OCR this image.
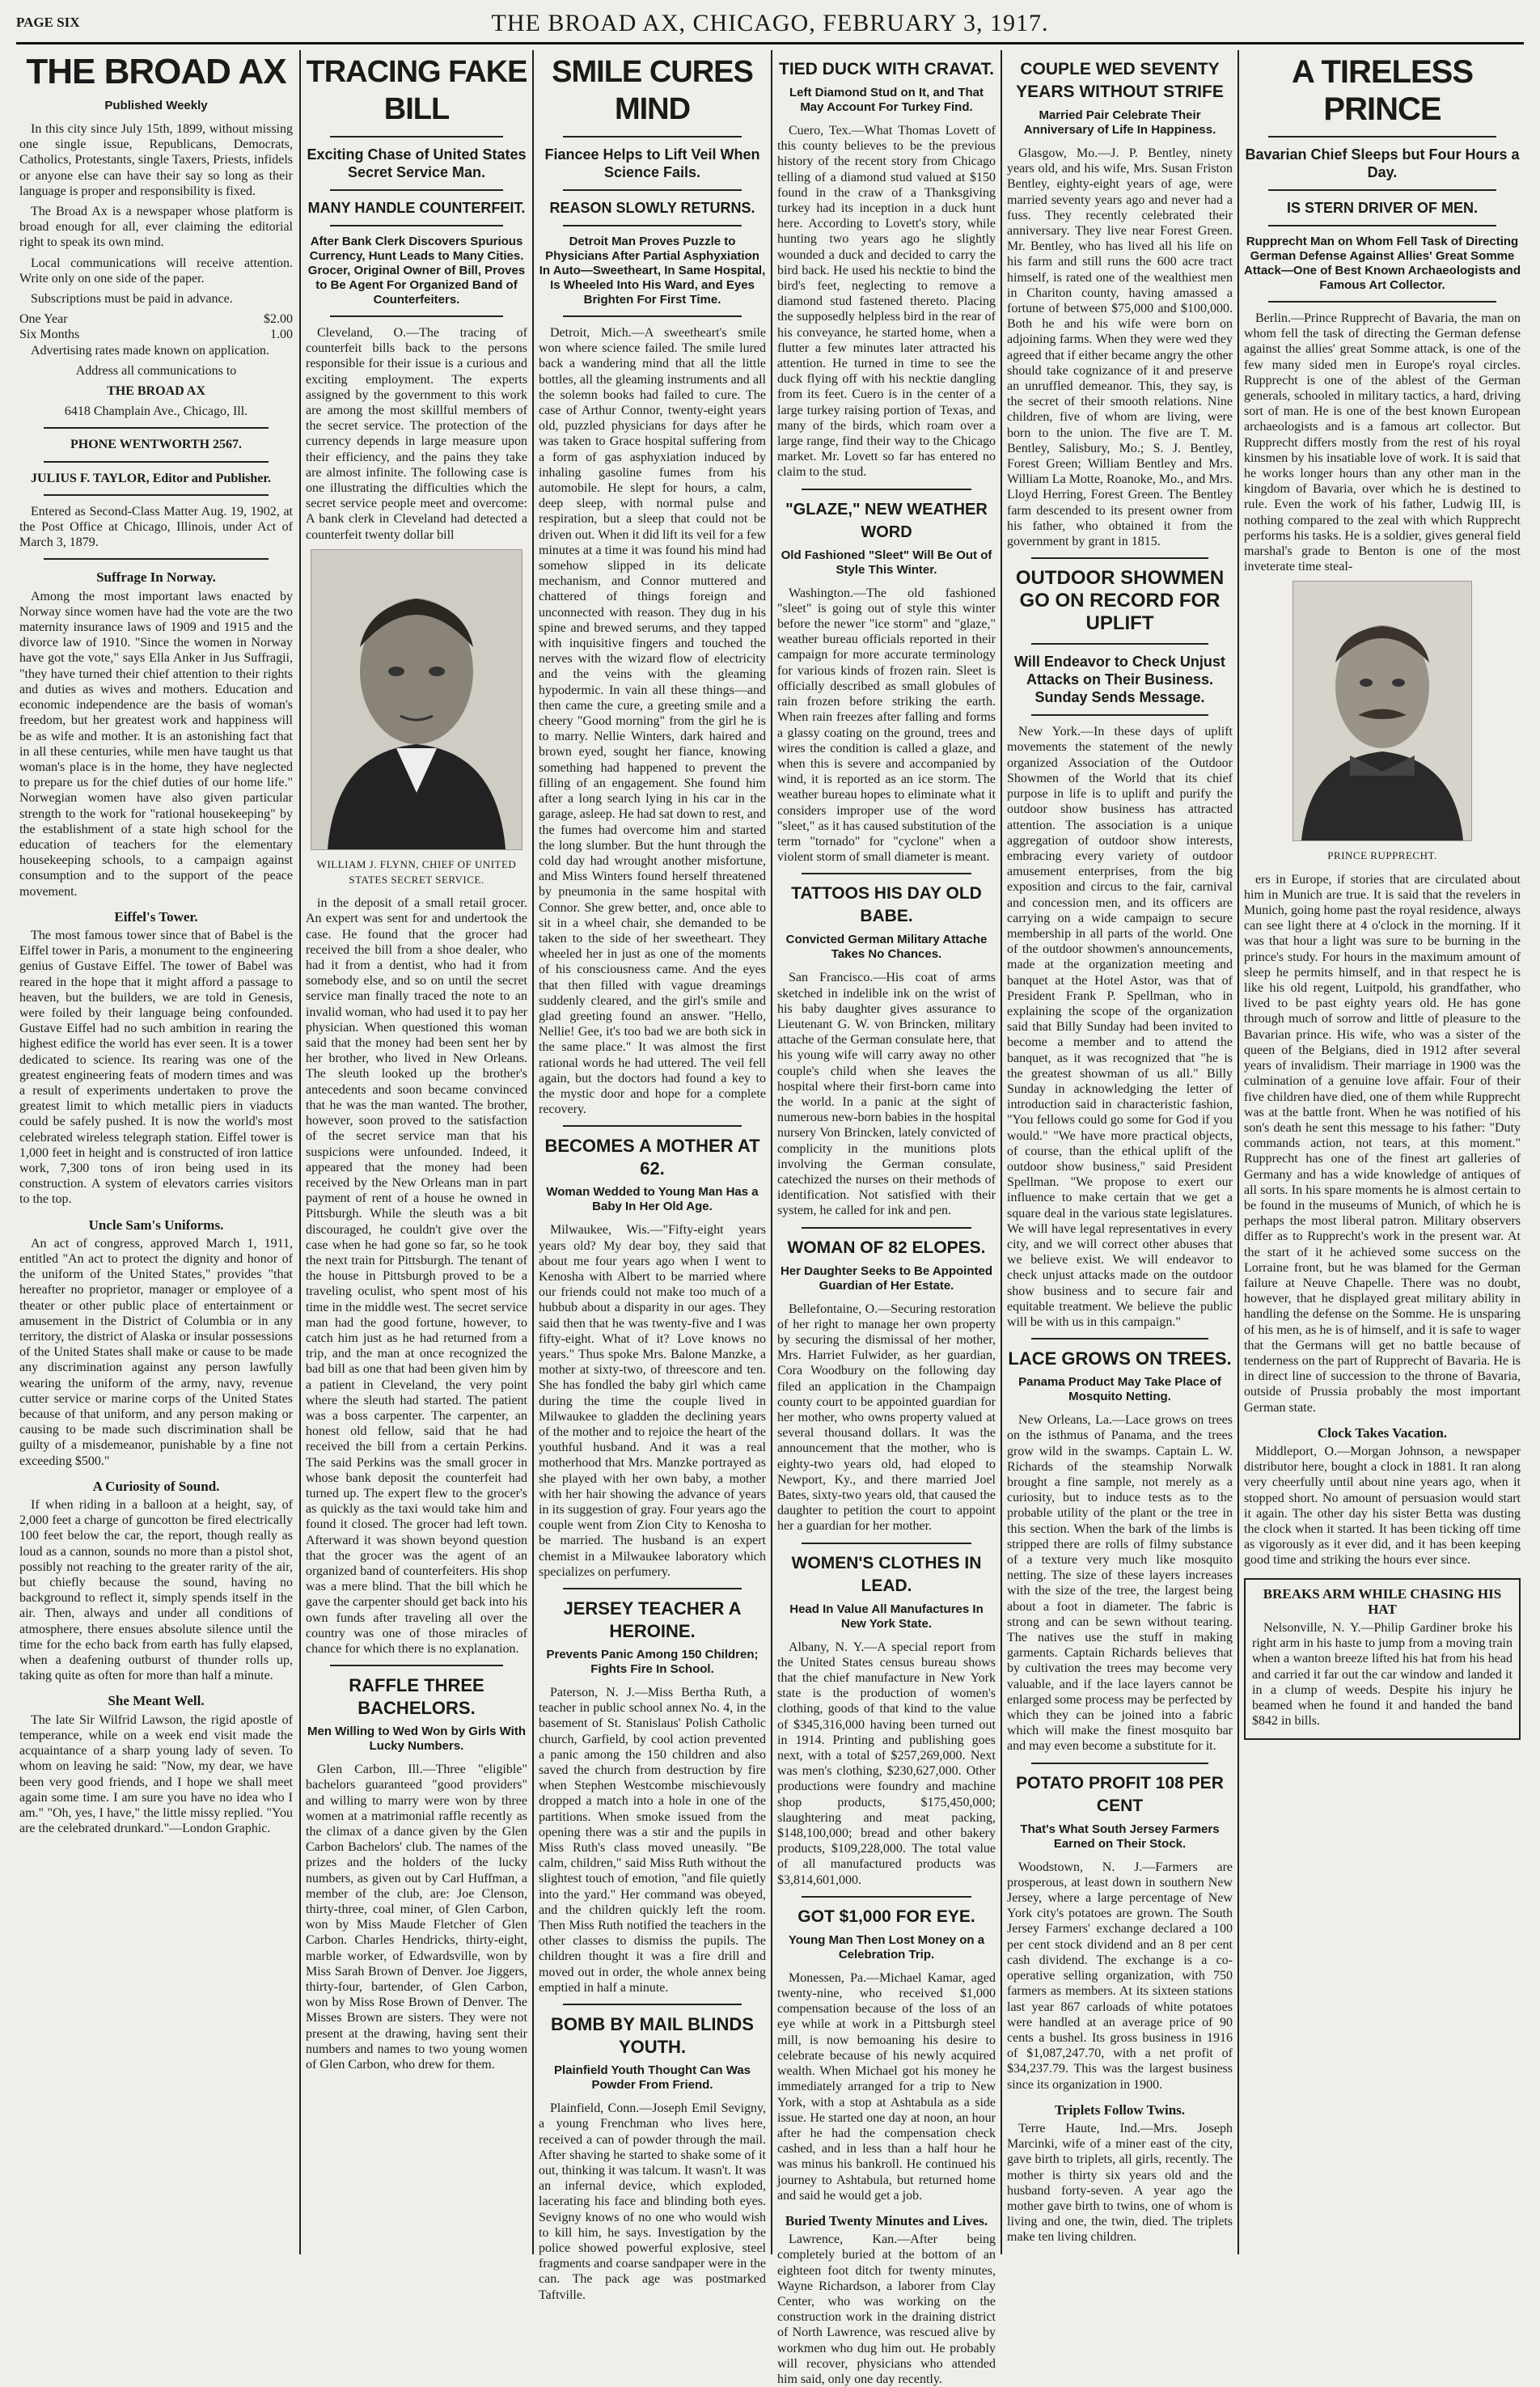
PAGE SIX	THE BROAD AX, CHICAGO, FEBRUARY 3, 1917.
THE BROAD AX
Published Weekly

In this city since July 15th, 1899, without missing one single issue, Republicans, Democrats, Catholics, Protestants, single Taxers, Priests, infidels or anyone else can have their say so long as their language is proper and responsibility is fixed.

The Broad Ax is a newspaper whose platform is broad enough for all, ever claiming the editorial right to speak its own mind.

Local communications will receive attention. Write only on one side of the paper.

Subscriptions must be paid in advance.

One Year	$2.00
Six Months	1.00

Advertising rates made known on application.

Address all communications to

THE BROAD AX

6418 Champlain Ave., Chicago, Ill.

PHONE WENTWORTH 2567.

JULIUS F. TAYLOR, Editor and Publisher.

Entered as Second-Class Matter Aug. 19, 1902, at the Post Office at Chicago, Illinois, under Act of March 3, 1879.

Suffrage In Norway.

Among the most important laws enacted by Norway since women have had the vote are the two maternity insurance laws of 1909 and 1915 and the divorce law of 1910. "Since the women in Norway have got the vote," says Ella Anker in Jus Suffragii, "they have turned their chief attention to their rights and duties as wives and mothers. Education and economic independence are the basis of woman's freedom, but her greatest work and happiness will be as wife and mother. It is an astonishing fact that in all these centuries, while men have taught us that woman's place is in the home, they have neglected to prepare us for the chief duties of our home life." Norwegian women have also given particular strength to the work for "rational housekeeping" by the establishment of a state high school for the education of teachers for the elementary housekeeping schools, to a campaign against consumption and to the support of the peace movement.

Eiffel's Tower.

The most famous tower since that of Babel is the Eiffel tower in Paris, a monument to the engineering genius of Gustave Eiffel. The tower of Babel was reared in the hope that it might afford a passage to heaven, but the builders, we are told in Genesis, were foiled by their language being confounded. Gustave Eiffel had no such ambition in rearing the highest edifice the world has ever seen. It is a tower dedicated to science. Its rearing was one of the greatest engineering feats of modern times and was a result of experiments undertaken to prove the greatest limit to which metallic piers in viaducts could be safely pushed. It is now the world's most celebrated wireless telegraph station. Eiffel tower is 1,000 feet in height and is constructed of iron lattice work, 7,300 tons of iron being used in its construction. A system of elevators carries visitors to the top.

Uncle Sam's Uniforms.

An act of congress, approved March 1, 1911, entitled "An act to protect the dignity and honor of the uniform of the United States," provides "that hereafter no proprietor, manager or employee of a theater or other public place of entertainment or amusement in the District of Columbia or in any territory, the district of Alaska or insular possessions of the United States shall make or cause to be made any discrimination against any person lawfully wearing the uniform of the army, navy, revenue cutter service or marine corps of the United States because of that uniform, and any person making or causing to be made such discrimination shall be guilty of a misdemeanor, punishable by a fine not exceeding $500."

A Curiosity of Sound.

If when riding in a balloon at a height, say, of 2,000 feet a charge of guncotton be fired electrically 100 feet below the car, the report, though really as loud as a cannon, sounds no more than a pistol shot, possibly not reaching to the greater rarity of the air, but chiefly because the sound, having no background to reflect it, simply spends itself in the air. Then, always and under all conditions of atmosphere, there ensues absolute silence until the time for the echo back from earth has fully elapsed, when a deafening outburst of thunder rolls up, taking quite as often for more than half a minute.

She Meant Well.

The late Sir Wilfrid Lawson, the rigid apostle of temperance, while on a week end visit made the acquaintance of a sharp young lady of seven. To whom on leaving he said: "Now, my dear, we have been very good friends, and I hope we shall meet again some time. I am sure you have no idea who I am." "Oh, yes, I have," the little missy replied. "You are the celebrated drunkard."—London Graphic.

TRACING FAKE BILL
Exciting Chase of United States Secret Service Man.
MANY HANDLE COUNTERFEIT.
After Bank Clerk Discovers Spurious Currency, Hunt Leads to Many Cities. Grocer, Original Owner of Bill, Proves to Be Agent For Organized Band of Counterfeiters.

Cleveland, O.—The tracing of counterfeit bills back to the persons responsible for their issue is a curious and exciting employment. The experts assigned by the government to this work are among the most skillful members of the secret service. The protection of the currency depends in large measure upon their efficiency, and the pains they take are almost infinite. The following case is one illustrating the difficulties which the secret service people meet and overcome: A bank clerk in Cleveland had detected a counterfeit twenty dollar bill

WILLIAM J. FLYNN, CHIEF OF UNITED STATES SECRET SERVICE.

in the deposit of a small retail grocer. An expert was sent for and undertook the case. He found that the grocer had received the bill from a shoe dealer, who had it from a dentist, who had it from somebody else, and so on until the secret service man finally traced the note to an invalid woman, who had used it to pay her physician. When questioned this woman said that the money had been sent her by her brother, who lived in New Orleans. The sleuth looked up the brother's antecedents and soon became convinced that he was the man wanted. The brother, however, soon proved to the satisfaction of the secret service man that his suspicions were unfounded. Indeed, it appeared that the money had been received by the New Orleans man in part payment of rent of a house he owned in Pittsburgh. While the sleuth was a bit discouraged, he couldn't give over the case when he had gone so far, so he took the next train for Pittsburgh. The tenant of the house in Pittsburgh proved to be a traveling oculist, who spent most of his time in the middle west. The secret service man had the good fortune, however, to catch him just as he had returned from a trip, and the man at once recognized the bad bill as one that had been given him by a patient in Cleveland, the very point where the sleuth had started. The patient was a boss carpenter. The carpenter, an honest old fellow, said that he had received the bill from a certain Perkins. The said Perkins was the small grocer in whose bank deposit the counterfeit had turned up. The expert flew to the grocer's as quickly as the taxi would take him and found it closed. The grocer had left town. Afterward it was shown beyond question that the grocer was the agent of an organized band of counterfeiters. His shop was a mere blind. That the bill which he gave the carpenter should get back into his own funds after traveling all over the country was one of those miracles of chance for which there is no explanation.

RAFFLE THREE BACHELORS.
Men Willing to Wed Won by Girls With Lucky Numbers.

Glen Carbon, Ill.—Three "eligible" bachelors guaranteed "good providers" and willing to marry were won by three women at a matrimonial raffle recently as the climax of a dance given by the Glen Carbon Bachelors' club. The names of the prizes and the holders of the lucky numbers, as given out by Carl Huffman, a member of the club, are: Joe Clenson, thirty-three, coal miner, of Glen Carbon, won by Miss Maude Fletcher of Glen Carbon. Charles Hendricks, thirty-eight, marble worker, of Edwardsville, won by Miss Sarah Brown of Denver. Joe Jiggers, thirty-four, bartender, of Glen Carbon, won by Miss Rose Brown of Denver. The Misses Brown are sisters. They were not present at the drawing, having sent their numbers and names to two young women of Glen Carbon, who drew for them.

SMILE CURES MIND
Fiancee Helps to Lift Veil When Science Fails.
REASON SLOWLY RETURNS.
Detroit Man Proves Puzzle to Physicians After Partial Asphyxiation In Auto—Sweetheart, In Same Hospital, Is Wheeled Into His Ward, and Eyes Brighten For First Time.

Detroit, Mich.—A sweetheart's smile won where science failed. The smile lured back a wandering mind that all the little bottles, all the gleaming instruments and all the solemn books had failed to cure. The case of Arthur Connor, twenty-eight years old, puzzled physicians for days after he was taken to Grace hospital suffering from a form of gas asphyxiation induced by inhaling gasoline fumes from his automobile. He slept for hours, a calm, deep sleep, with normal pulse and respiration, but a sleep that could not be driven out. When it did lift its veil for a few minutes at a time it was found his mind had somehow slipped in its delicate mechanism, and Connor muttered and chattered of things foreign and unconnected with reason. They dug in his spine and brewed serums, and they tapped with inquisitive fingers and touched the nerves with the wizard flow of electricity and the veins with the gleaming hypodermic. In vain all these things—and then came the cure, a greeting smile and a cheery "Good morning" from the girl he is to marry. Nellie Winters, dark haired and brown eyed, sought her fiance, knowing something had happened to prevent the filling of an engagement. She found him after a long search lying in his car in the garage, asleep. He had sat down to rest, and the fumes had overcome him and started the long slumber. But the hunt through the cold day had wrought another misfortune, and Miss Winters found herself threatened by pneumonia in the same hospital with Connor. She grew better, and, once able to sit in a wheel chair, she demanded to be taken to the side of her sweetheart. They wheeled her in just as one of the moments of his consciousness came. And the eyes that then filled with vague dreamings suddenly cleared, and the girl's smile and glad greeting found an answer. "Hello, Nellie! Gee, it's too bad we are both sick in the same place." It was almost the first rational words he had uttered. The veil fell again, but the doctors had found a key to the mystic door and hope for a complete recovery.

BECOMES A MOTHER AT 62.
Woman Wedded to Young Man Has a Baby In Her Old Age.

Milwaukee, Wis.—"Fifty-eight years years old? My dear boy, they said that about me four years ago when I went to Kenosha with Albert to be married where our friends could not make too much of a hubbub about a disparity in our ages. They said then that he was twenty-five and I was fifty-eight. What of it? Love knows no years." Thus spoke Mrs. Balone Manzke, a mother at sixty-two, of threescore and ten. She has fondled the baby girl which came during the time the couple lived in Milwaukee to gladden the declining years of the mother and to rejoice the heart of the youthful husband. And it was a real motherhood that Mrs. Manzke portrayed as she played with her own baby, a mother with her hair showing the advance of years in its suggestion of gray. Four years ago the couple went from Zion City to Kenosha to be married. The husband is an expert chemist in a Milwaukee laboratory which specializes on perfumery.

JERSEY TEACHER A HEROINE.
Prevents Panic Among 150 Children; Fights Fire In School.

Paterson, N. J.—Miss Bertha Ruth, a teacher in public school annex No. 4, in the basement of St. Stanislaus' Polish Catholic church, Garfield, by cool action prevented a panic among the 150 children and also saved the church from destruction by fire when Stephen Westcombe mischievously dropped a match into a hole in one of the partitions. When smoke issued from the opening there was a stir and the pupils in Miss Ruth's class moved uneasily. "Be calm, children," said Miss Ruth without the slightest touch of emotion, "and file quietly into the yard." Her command was obeyed, and the children quickly left the room. Then Miss Ruth notified the teachers in the other classes to dismiss the pupils. The children thought it was a fire drill and moved out in order, the whole annex being emptied in half a minute.

BOMB BY MAIL BLINDS YOUTH.
Plainfield Youth Thought Can Was Powder From Friend.

Plainfield, Conn.—Joseph Emil Sevigny, a young Frenchman who lives here, received a can of powder through the mail. After shaving he started to shake some of it out, thinking it was talcum. It wasn't. It was an infernal device, which exploded, lacerating his face and blinding both eyes. Sevigny knows of no one who would wish to kill him, he says. Investigation by the police showed powerful explosive, steel fragments and coarse sandpaper were in the can. The pack age was postmarked Taftville.

TIED DUCK WITH CRAVAT.
Left Diamond Stud on It, and That May Account For Turkey Find.

Cuero, Tex.—What Thomas Lovett of this county believes to be the previous history of the recent story from Chicago telling of a diamond stud valued at $150 found in the craw of a Thanksgiving turkey had its inception in a duck hunt here. According to Lovett's story, while hunting two years ago he slightly wounded a duck and decided to carry the bird back. He used his necktie to bind the bird's feet, neglecting to remove a diamond stud fastened thereto. Placing the supposedly helpless bird in the rear of his conveyance, he started home, when a flutter a few minutes later attracted his attention. He turned in time to see the duck flying off with his necktie dangling from its feet. Cuero is in the center of a large turkey raising portion of Texas, and many of the birds, which roam over a large range, find their way to the Chicago market. Mr. Lovett so far has entered no claim to the stud.

"GLAZE," NEW WEATHER WORD
Old Fashioned "Sleet" Will Be Out of Style This Winter.

Washington.—The old fashioned "sleet" is going out of style this winter before the newer "ice storm" and "glaze," weather bureau officials reported in their campaign for more accurate terminology for various kinds of frozen rain. Sleet is officially described as small globules of rain frozen before striking the earth. When rain freezes after falling and forms a glassy coating on the ground, trees and wires the condition is called a glaze, and when this is severe and accompanied by wind, it is reported as an ice storm. The weather bureau hopes to eliminate what it considers improper use of the word "sleet," as it has caused substitution of the term "tornado" for "cyclone" when a violent storm of small diameter is meant.

TATTOOS HIS DAY OLD BABE.
Convicted German Military Attache Takes No Chances.

San Francisco.—His coat of arms sketched in indelible ink on the wrist of his baby daughter gives assurance to Lieutenant G. W. von Brincken, military attache of the German consulate here, that his young wife will carry away no other couple's child when she leaves the hospital where their first-born came into the world. In a panic at the sight of numerous new-born babies in the hospital nursery Von Brincken, lately convicted of complicity in the munitions plots involving the German consulate, catechized the nurses on their methods of identification. Not satisfied with their system, he called for ink and pen.

WOMAN OF 82 ELOPES.
Her Daughter Seeks to Be Appointed Guardian of Her Estate.

Bellefontaine, O.—Securing restoration of her right to manage her own property by securing the dismissal of her mother, Mrs. Harriet Fulwider, as her guardian, Cora Woodbury on the following day filed an application in the Champaign county court to be appointed guardian for her mother, who owns property valued at several thousand dollars. It was the announcement that the mother, who is eighty-two years old, had eloped to Newport, Ky., and there married Joel Bates, sixty-two years old, that caused the daughter to petition the court to appoint her a guardian for her mother.

WOMEN'S CLOTHES IN LEAD.
Head In Value All Manufactures In New York State.

Albany, N. Y.—A special report from the United States census bureau shows that the chief manufacture in New York state is the production of women's clothing, goods of that kind to the value of $345,316,000 having been turned out in 1914. Printing and publishing goes next, with a total of $257,269,000. Next was men's clothing, $230,627,000. Other productions were foundry and machine shop products, $175,450,000; slaughtering and meat packing, $148,100,000; bread and other bakery products, $109,228,000. The total value of all manufactured products was $3,814,601,000.

GOT $1,000 FOR EYE.
Young Man Then Lost Money on a Celebration Trip.

Monessen, Pa.—Michael Kamar, aged twenty-nine, who received $1,000 compensation because of the loss of an eye while at work in a Pittsburgh steel mill, is now bemoaning his desire to celebrate because of his newly acquired wealth. When Michael got his money he immediately arranged for a trip to New York, with a stop at Ashtabula as a side issue. He started one day at noon, an hour after he had the compensation check cashed, and in less than a half hour he was minus his bankroll. He continued his journey to Ashtabula, but returned home and said he would get a job.

Buried Twenty Minutes and Lives.

Lawrence, Kan.—After being completely buried at the bottom of an eighteen foot ditch for twenty minutes, Wayne Richardson, a laborer from Clay Center, who was working on the construction work in the draining district of North Lawrence, was rescued alive by workmen who dug him out. He probably will recover, physicians who attended him said, only one day recently.

COUPLE WED SEVENTY YEARS WITHOUT STRIFE
Married Pair Celebrate Their Anniversary of Life In Happiness.

Glasgow, Mo.—J. P. Bentley, ninety years old, and his wife, Mrs. Susan Friston Bentley, eighty-eight years of age, were married seventy years ago and never had a fuss. They recently celebrated their anniversary. They live near Forest Green. Mr. Bentley, who has lived all his life on his farm and still runs the 600 acre tract himself, is rated one of the wealthiest men in Chariton county, having amassed a fortune of between $75,000 and $100,000. Both he and his wife were born on adjoining farms. When they were wed they agreed that if either became angry the other should take cognizance of it and preserve an unruffled demeanor. This, they say, is the secret of their smooth relations. Nine children, five of whom are living, were born to the union. The five are T. M. Bentley, Salisbury, Mo.; S. J. Bentley, Forest Green; William Bentley and Mrs. William La Motte, Roanoke, Mo., and Mrs. Lloyd Herring, Forest Green. The Bentley farm descended to its present owner from his father, who obtained it from the government by grant in 1815.

OUTDOOR SHOWMEN GO ON RECORD FOR UPLIFT
Will Endeavor to Check Unjust Attacks on Their Business. Sunday Sends Message.

New York.—In these days of uplift movements the statement of the newly organized Association of the Outdoor Showmen of the World that its chief purpose in life is to uplift and purify the outdoor show business has attracted attention. The association is a unique aggregation of outdoor show interests, embracing every variety of outdoor amusement enterprises, from the big exposition and circus to the fair, carnival and concession men, and its officers are carrying on a wide campaign to secure membership in all parts of the world. One of the outdoor showmen's announcements, made at the organization meeting and banquet at the Hotel Astor, was that of President Frank P. Spellman, who in explaining the scope of the organization said that Billy Sunday had been invited to become a member and to attend the banquet, as it was recognized that "he is the greatest showman of us all." Billy Sunday in acknowledging the letter of introduction said in characteristic fashion, "You fellows could go some for God if you would." "We have more practical objects, of course, than the ethical uplift of the outdoor show business," said President Spellman. "We propose to exert our influence to make certain that we get a square deal in the various state legislatures. We will have legal representatives in every city, and we will correct other abuses that we believe exist. We will endeavor to check unjust attacks made on the outdoor show business and to secure fair and equitable treatment. We believe the public will be with us in this campaign."

LACE GROWS ON TREES.
Panama Product May Take Place of Mosquito Netting.

New Orleans, La.—Lace grows on trees on the isthmus of Panama, and the trees grow wild in the swamps. Captain L. W. Richards of the steamship Norwalk brought a fine sample, not merely as a curiosity, but to induce tests as to the probable utility of the plant or the tree in this section. When the bark of the limbs is stripped there are rolls of filmy substance of a texture very much like mosquito netting. The size of these layers increases with the size of the tree, the largest being about a foot in diameter. The fabric is strong and can be sewn without tearing. The natives use the stuff in making garments. Captain Richards believes that by cultivation the trees may become very valuable, and if the lace layers cannot be enlarged some process may be perfected by which they can be joined into a fabric which will make the finest mosquito bar and may even become a substitute for it.

POTATO PROFIT 108 PER CENT
That's What South Jersey Farmers Earned on Their Stock.

Woodstown, N. J.—Farmers are prosperous, at least down in southern New Jersey, where a large percentage of New York city's potatoes are grown. The South Jersey Farmers' exchange declared a 100 per cent stock dividend and an 8 per cent cash dividend. The exchange is a co-operative selling organization, with 750 farmers as members. At its sixteen stations last year 867 carloads of white potatoes were handled at an average price of 90 cents a bushel. Its gross business in 1916 of $1,087,247.70, with a net profit of $34,237.79. This was the largest business since its organization in 1900.

Triplets Follow Twins.

Terre Haute, Ind.—Mrs. Joseph Marcinki, wife of a miner east of the city, gave birth to triplets, all girls, recently. The mother is thirty six years old and the husband forty-seven. A year ago the mother gave birth to twins, one of whom is living and one, the twin, died. The triplets make ten living children.

A TIRELESS PRINCE
Bavarian Chief Sleeps but Four Hours a Day.
IS STERN DRIVER OF MEN.
Rupprecht Man on Whom Fell Task of Directing German Defense Against Allies' Great Somme Attack—One of Best Known Archaeologists and Famous Art Collector.

Berlin.—Prince Rupprecht of Bavaria, the man on whom fell the task of directing the German defense against the allies' great Somme attack, is one of the few many sided men in Europe's royal circles. Rupprecht is one of the ablest of the German generals, schooled in military tactics, a hard, driving sort of man. He is one of the best known European archaeologists and is a famous art collector. But Rupprecht differs mostly from the rest of his royal kinsmen by his insatiable love of work. It is said that he works longer hours than any other man in the kingdom of Bavaria, over which he is destined to rule. Even the work of his father, Ludwig III, is nothing compared to the zeal with which Rupprecht performs his tasks. He is a soldier, gives general field marshal's grade to Benton is one of the most inveterate time steal-

PRINCE RUPPRECHT.

ers in Europe, if stories that are circulated about him in Munich are true. It is said that the revelers in Munich, going home past the royal residence, always can see light there at 4 o'clock in the morning. If it was that hour a light was sure to be burning in the prince's study. For hours in the maximum amount of sleep he permits himself, and in that respect he is like his old regent, Luitpold, his grandfather, who lived to be past eighty years old. He has gone through much of sorrow and little of pleasure to the Bavarian prince. His wife, who was a sister of the queen of the Belgians, died in 1912 after several years of invalidism. Their marriage in 1900 was the culmination of a genuine love affair. Four of their five children have died, one of them while Rupprecht was at the battle front. When he was notified of his son's death he sent this message to his father: "Duty commands action, not tears, at this moment." Rupprecht has one of the finest art galleries of Germany and has a wide knowledge of antiques of all sorts. In his spare moments he is almost certain to be found in the museums of Munich, of which he is perhaps the most liberal patron. Military observers differ as to Rupprecht's work in the present war. At the start of it he achieved some success on the Lorraine front, but he was blamed for the German failure at Neuve Chapelle. There was no doubt, however, that he displayed great military ability in handling the defense on the Somme. He is unsparing of his men, as he is of himself, and it is safe to wager that the Germans will get no battle because of tenderness on the part of Rupprecht of Bavaria. He is in direct line of succession to the throne of Bavaria, outside of Prussia probably the most important German state.

Clock Takes Vacation.

Middleport, O.—Morgan Johnson, a newspaper distributor here, bought a clock in 1881. It ran along very cheerfully until about nine years ago, when it stopped short. No amount of persuasion would start it again. The other day his sister Betta was dusting the clock when it started. It has been ticking off time as vigorously as it ever did, and it has been keeping good time and striking the hours ever since.

BREAKS ARM WHILE CHASING HIS HAT

Nelsonville, N. Y.—Philip Gardiner broke his right arm in his haste to jump from a moving train when a wanton breeze lifted his hat from his head and carried it far out the car window and landed it in a clump of weeds. Despite his injury he beamed when he found it and handed the band $842 in bills.
